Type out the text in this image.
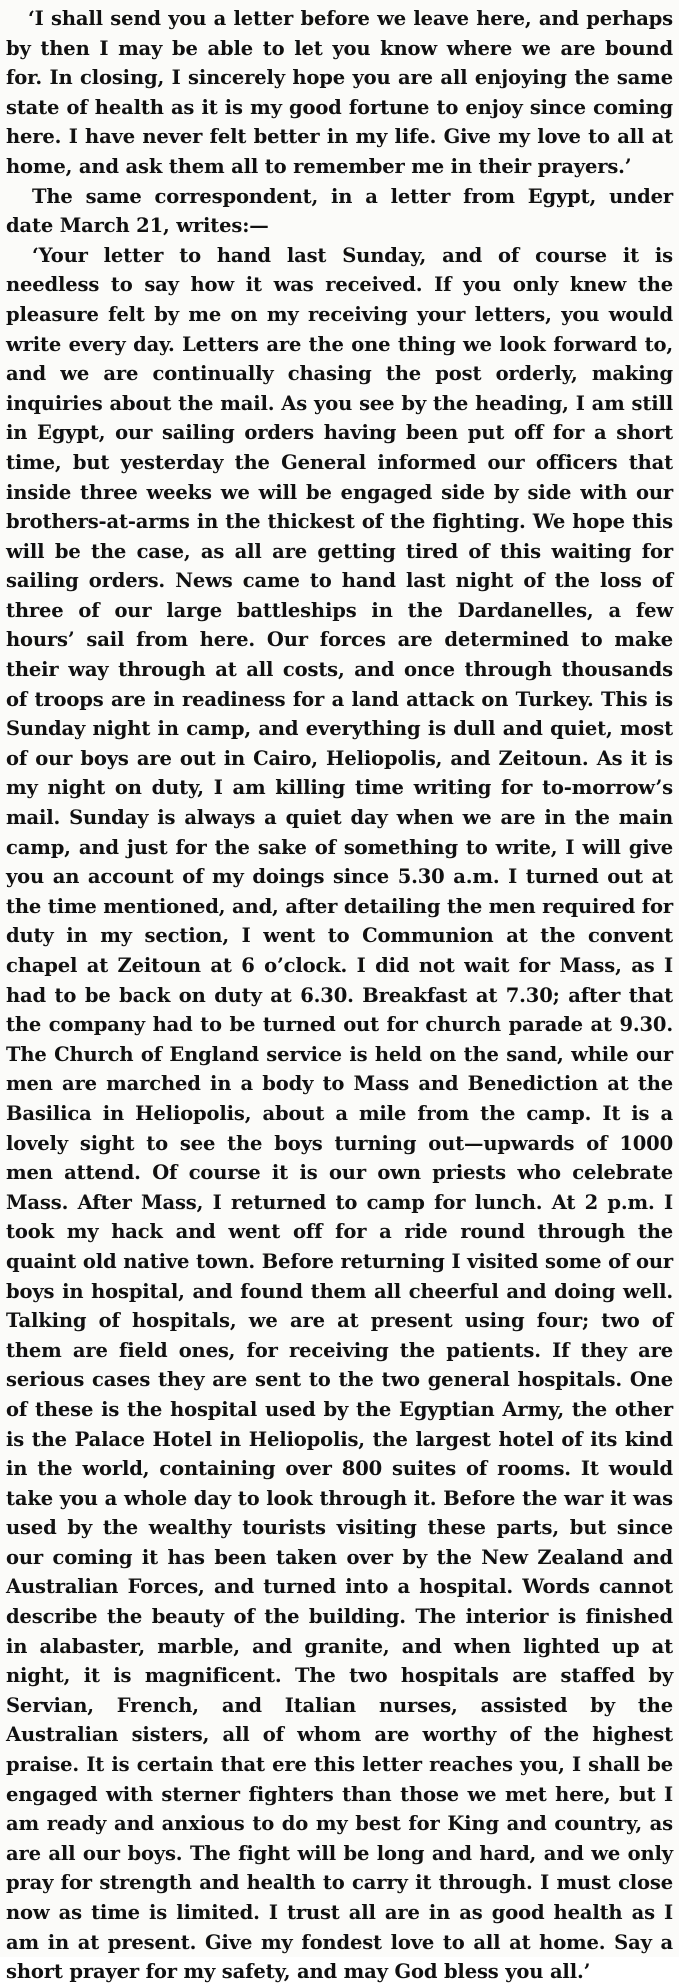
‘I shall send you a letter before we leave here, and perhaps by then I may be able to let you know where we are bound for. In closing, I sincerely hope you are all enjoying the same state of health as it is my good fortune to enjoy since coming here. I have never felt better in my life. Give my love to all at home, and ask them all to remember me in their prayers.’

The same correspondent, in a letter from Egypt, under date March 21, writes:—

‘Your letter to hand last Sunday, and of course it is needless to say how it was received. If you only knew the pleasure felt by me on my receiving your letters, you would write every day. Letters are the one thing we look forward to, and we are continually chasing the post orderly, making inquiries about the mail. As you see by the heading, I am still in Egypt, our sailing orders having been put off for a short time, but yesterday the General informed our officers that inside three weeks we will be engaged side by side with our brothers-at-arms in the thickest of the fighting. We hope this will be the case, as all are getting tired of this waiting for sailing orders. News came to hand last night of the loss of three of our large battleships in the Dardanelles, a few hours’ sail from here. Our forces are determined to make their way through at all costs, and once through thousands of troops are in readiness for a land attack on Turkey. This is Sunday night in camp, and everything is dull and quiet, most of our boys are out in Cairo, Heliopolis, and Zeitoun. As it is my night on duty, I am killing time writing for to-morrow’s mail. Sunday is always a quiet day when we are in the main camp, and just for the sake of something to write, I will give you an account of my doings since 5.30 a.m. I turned out at the time mentioned, and, after detailing the men required for duty in my section, I went to Communion at the convent chapel at Zeitoun at 6 o’clock. I did not wait for Mass, as I had to be back on duty at 6.30. Breakfast at 7.30; after that the company had to be turned out for church parade at 9.30. The Church of England service is held on the sand, while our men are marched in a body to Mass and Benediction at the Basilica in Heliopolis, about a mile from the camp. It is a lovely sight to see the boys turning out—upwards of 1000 men attend. Of course it is our own priests who celebrate Mass. After Mass, I returned to camp for lunch. At 2 p.m. I took my hack and went off for a ride round through the quaint old native town. Before returning I visited some of our boys in hospital, and found them all cheerful and doing well. Talking of hospitals, we are at present using four; two of them are field ones, for receiving the patients. If they are serious cases they are sent to the two general hospitals. One of these is the hospital used by the Egyptian Army, the other is the Palace Hotel in Heliopolis, the largest hotel of its kind in the world, containing over 800 suites of rooms. It would take you a whole day to look through it. Before the war it was used by the wealthy tourists visiting these parts, but since our coming it has been taken over by the New Zealand and Australian Forces, and turned into a hospital. Words cannot describe the beauty of the building. The interior is finished in alabaster, marble, and granite, and when lighted up at night, it is magnificent. The two hospitals are staffed by Servian, French, and Italian nurses, assisted by the Australian sisters, all of whom are worthy of the highest praise. It is certain that ere this letter reaches you, I shall be engaged with sterner fighters than those we met here, but I am ready and anxious to do my best for King and country, as are all our boys. The fight will be long and hard, and we only pray for strength and health to carry it through. I must close now as time is limited. I trust all are in as good health as I am in at present. Give my fondest love to all at home. Say a short prayer for my safety, and may God bless you all.’
